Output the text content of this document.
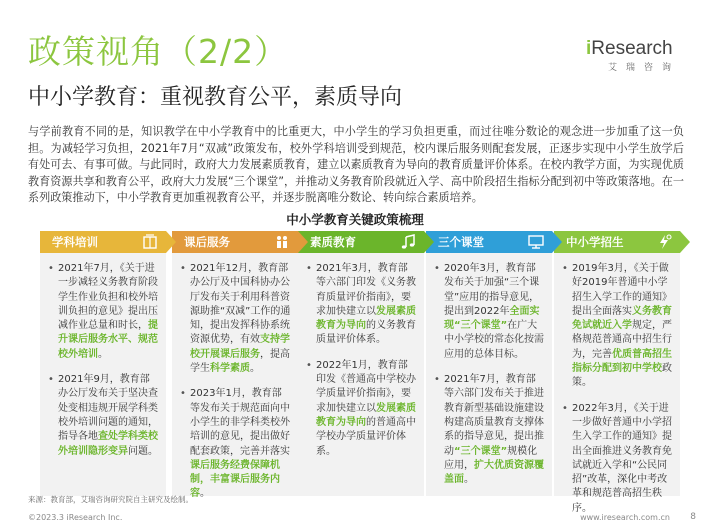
政策视角（2/2）
中小学教育：重视教育公平，素质导向
iResearch
艾瑞咨询
与学前教育不同的是，知识教学在中小学教育中的比重更大，中小学生的学习负担更重，而过往唯分数论的观念进一步加重了这一负担。为减轻学习负担，2021年7月“双减”政策发布，校外学科培训受到规范，校内课后服务则配套发展，正逐步实现中小学生放学后有处可去、有事可做。与此同时，政府大力发展素质教育，建立以素质教育为导向的教育质量评价体系。在校内教学方面，为实现优质教育资源共享和教育公平，政府大力发展“三个课堂”，并推动义务教育阶段就近入学、高中阶段招生指标分配到初中等政策落地。在一系列政策推动下，中小学教育更加重视教育公平，并逐步脱离唯分数论、转向综合素质培养。
中小学教育关键政策梳理
学科培训
• 2021年7月，《关于进一步减轻义务教育阶段学生作业负担和校外培训负担的意见》提出压减作业总量和时长，提升课后服务水平、规范校外培训。
• 2021年9月，教育部办公厅发布关于坚决查处变相违规开展学科类校外培训问题的通知，指导各地查处学科类校外培训隐形变异问题。
课后服务
• 2021年12月，教育部办公厅及中国科协办公厅发布关于利用科普资源助推“双减”工作的通知，提出发挥科协系统资源优势，有效支持学校开展课后服务，提高学生科学素质。
• 2023年1月，教育部等发布关于规范面向中小学生的非学科类校外培训的意见，提出做好配套政策，完善并落实课后服务经费保障机制，丰富课后服务内容。
素质教育
• 2021年3月，教育部等六部门印发《义务教育质量评价指南》，要求加快建立以发展素质教育为导向的义务教育质量评价体系。
• 2022年1月，教育部印发《普通高中学校办学质量评价指南》，要求加快建立以发展素质教育为导向的普通高中学校办学质量评价体系。
三个课堂
• 2020年3月，教育部发布关于加强“三个课堂”应用的指导意见，提出到2022年全面实现“三个课堂”在广大中小学校的常态化按需应用的总体目标。
• 2021年7月，教育部等六部门发布关于推进教育新型基础设施建设构建高质量教育支撑体系的指导意见，提出推动“三个课堂”规模化应用，扩大优质资源覆盖面。
中小学招生
• 2019年3月，《关于做好2019年普通中小学招生入学工作的通知》提出全面落实义务教育免试就近入学规定，严格规范普通高中招生行为，完善优质普高招生指标分配到初中学校政策。
• 2022年3月，《关于进一步做好普通中小学招生入学工作的通知》提出全面推进义务教育免试就近入学和“公民同招”改革，深化中考改革和规范普高招生秩序。
来源：教育部，艾瑞咨询研究院自主研究及绘制。
©2023.3 iResearch Inc.	www.iresearch.com.cn 8
